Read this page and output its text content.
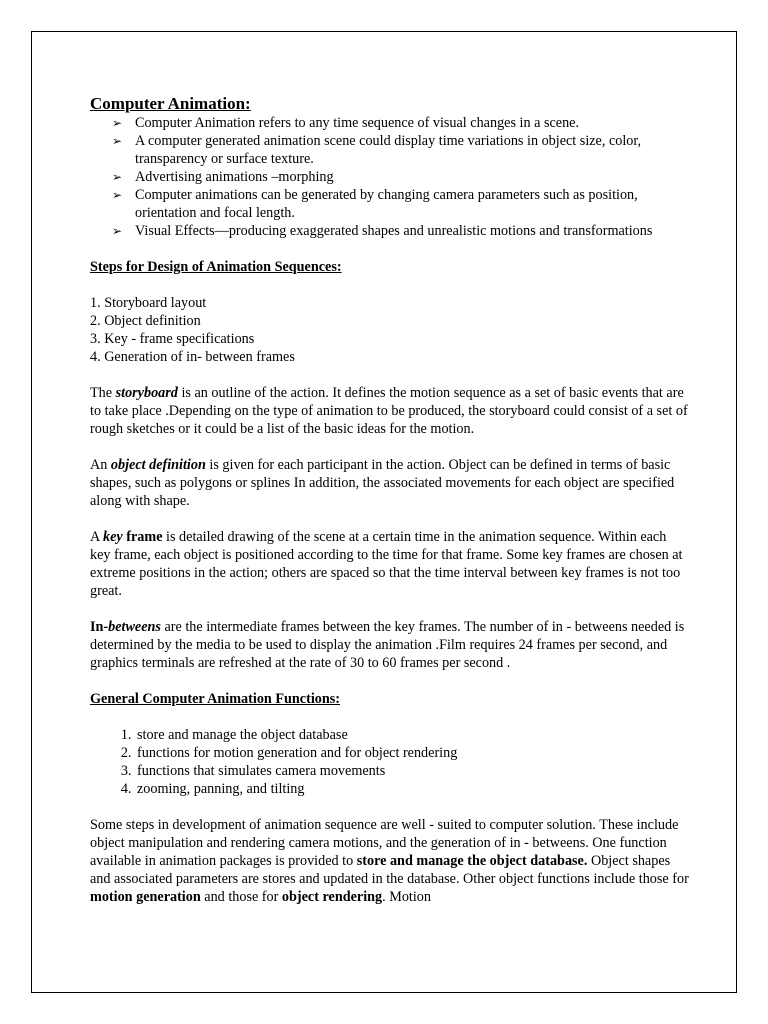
Computer Animation:
➢ Computer Animation refers to any time sequence of visual changes in a scene.
➢ A computer generated animation scene could display time variations in object size, color, transparency or surface texture.
➢ Advertising animations –morphing
➢ Computer animations can be generated by changing camera parameters such as position, orientation and focal length.
➢ Visual Effects—producing exaggerated shapes and unrealistic motions and transformations
Steps for Design of Animation Sequences:
1. Storyboard layout
2. Object definition
3. Key - frame specifications
4. Generation of in- between frames

The storyboard is an outline of the action. It defines the motion sequence as a set of basic events that are to take place .Depending on the type of animation to be produced, the storyboard could consist of a set of rough sketches or it could be a list of the basic ideas for the motion.

An object definition is given for each participant in the action. Object can be defined in terms of basic shapes, such as polygons or splines In addition, the associated movements for each object are specified along with shape.

A key frame is detailed drawing of the scene at a certain time in the animation sequence. Within each key frame, each object is positioned according to the time for that frame. Some key frames are chosen at extreme positions in the action; others are spaced so that the time interval between key frames is not too great.

In-betweens are the intermediate frames between the key frames. The number of in - betweens needed is determined by the media to be used to display the animation .Film requires 24 frames per second, and graphics terminals are refreshed at the rate of 30 to 60 frames per second .

General Computer Animation Functions:
1. store and manage the object database
2. functions for motion generation and for object rendering
3. functions that simulates camera movements
4. zooming, panning, and tilting

Some steps in development of animation sequence are well - suited to computer solution. These include object manipulation and rendering camera motions, and the generation of in - betweens. One function available in animation packages is provided to store and manage the object database. Object shapes and associated parameters are stores and updated in the database. Other object functions include those for motion generation and those for object rendering. Motion
